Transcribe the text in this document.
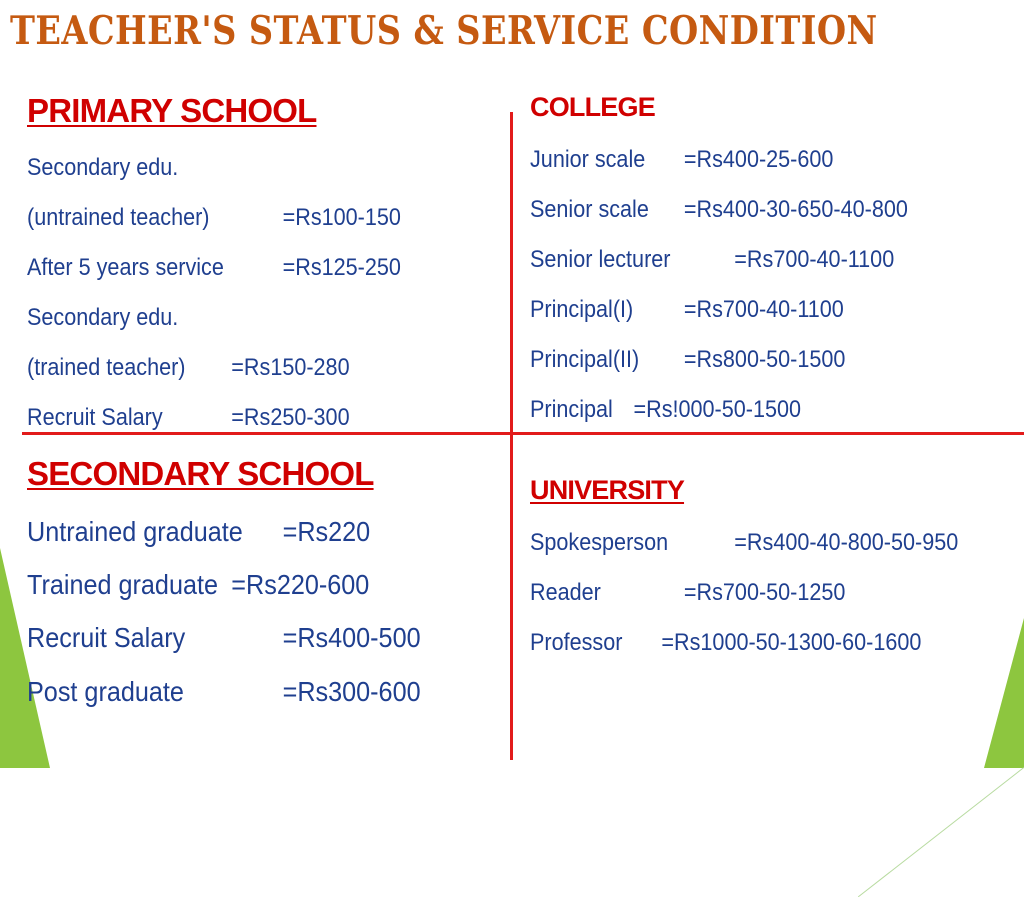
TEACHER'S STATUS & SERVICE CONDITION
PRIMARY SCHOOL
Secondary edu.
(untrained teacher)	=Rs100-150
After 5 years service =Rs125-250
Secondary edu.
(trained teacher) =Rs150-280
Recruit Salary	=Rs250-300
SECONDARY SCHOOL
Untrained graduate =Rs220
Trained graduate =Rs220-600
Recruit Salary	=Rs400-500
Post graduate	=Rs300-600
COLLEGE
Junior scale =Rs400-25-600
Senior scale =Rs400-30-650-40-800
Senior lecturer	=Rs700-40-1100
Principal(I) =Rs700-40-1100
Principal(II) =Rs800-50-1500
Principal =Rs!000-50-1500
UNIVERSITY
Spokesperson	=Rs400-40-800-50-950
Reader	=Rs700-50-1250
Professor =Rs1000-50-1300-60-1600
